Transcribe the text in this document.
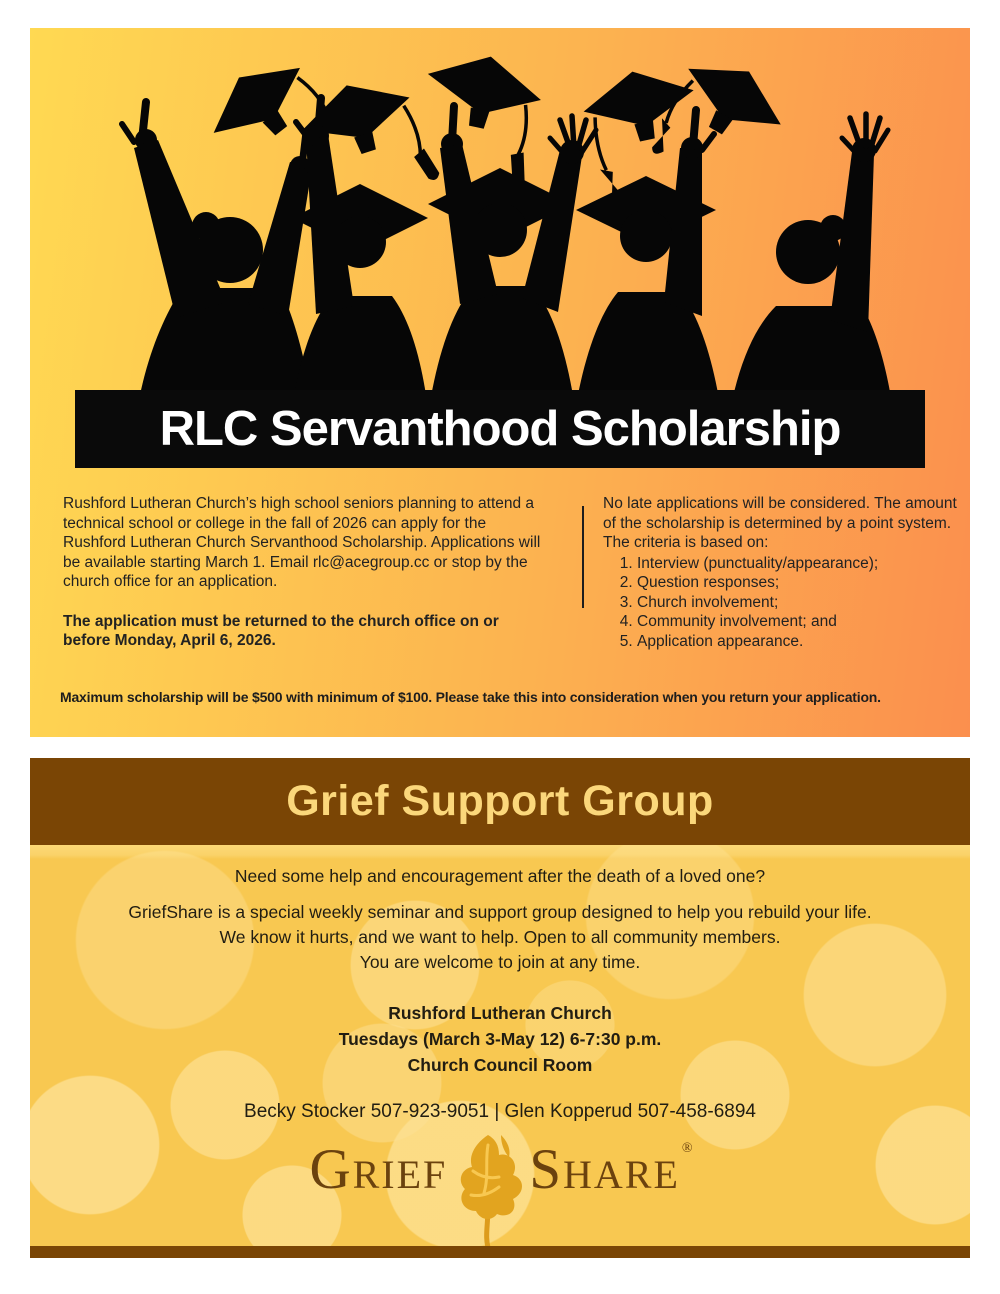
RLC Servanthood Scholarship

Rushford Lutheran Church’s high school seniors planning to attend a technical school or college in the fall of 2026 can apply for the Rushford Lutheran Church Servanthood Scholarship. Applications will be available starting March 1. Email rlc@acegroup.cc or stop by the church office for an application.

The application must be returned to the church office on or before Monday, April 6, 2026.

No late applications will be considered. The amount of the scholarship is determined by a point system. The criteria is based on:

1. Interview (punctuality/appearance);
2. Question responses;
3. Church involvement;
4. Community involvement; and
5. Application appearance.
Maximum scholarship will be $500 with minimum of $100. Please take this into consideration when you return your application.
Grief Support Group

Need some help and encouragement after the death of a loved one?

GriefShare is a special weekly seminar and support group designed to help you rebuild your life.
We know it hurts, and we want to help. Open to all community members.
You are welcome to join at any time.
Rushford Lutheran Church
Tuesdays (March 3-May 12) 6-7:30 p.m.
Church Council Room

Becky Stocker 507-923-9051 | Glen Kopperud 507-458-6894

GRIEF SHARE
®
